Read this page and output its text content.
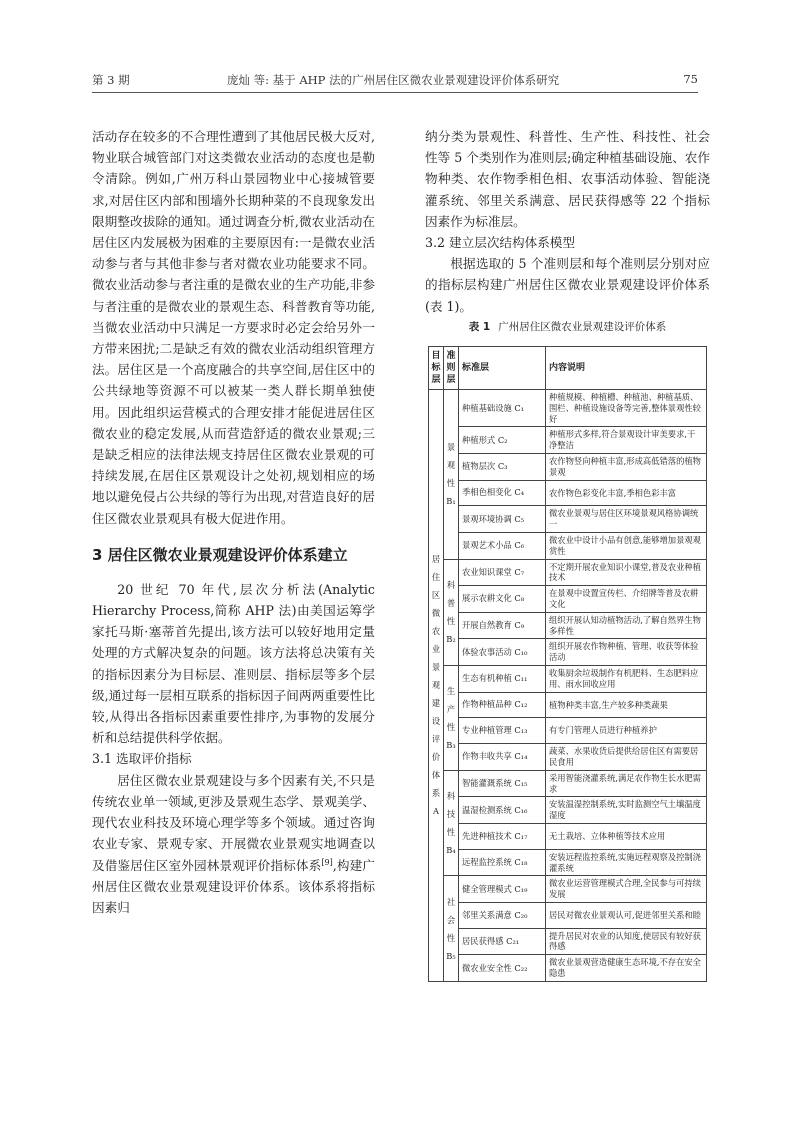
第 3 期	庞灿 等: 基于 AHP 法的广州居住区微农业景观建设评价体系研究	75

活动存在较多的不合理性遭到了其他居民极大反对,物业联合城管部门对这类微农业活动的态度也是勒令清除。例如,广州万科山景园物业中心接城管要求,对居住区内部和围墙外长期种菜的不良现象发出限期整改拔除的通知。通过调查分析,微农业活动在居住区内发展极为困难的主要原因有:一是微农业活动参与者与其他非参与者对微农业功能要求不同。微农业活动参与者注重的是微农业的生产功能,非参与者注重的是微农业的景观生态、科普教育等功能,当微农业活动中只满足一方要求时必定会给另外一方带来困扰;二是缺乏有效的微农业活动组织管理方法。居住区是一个高度融合的共享空间,居住区中的公共绿地等资源不可以被某一类人群长期单独使用。因此组织运营模式的合理安排才能促进居住区微农业的稳定发展,从而营造舒适的微农业景观;三是缺乏相应的法律法规支持居住区微农业景观的可持续发展,在居住区景观设计之处初,规划相应的场地以避免侵占公共绿的等行为出现,对营造良好的居住区微农业景观具有极大促进作用。

3 居住区微农业景观建设评价体系建立

20 世纪 70 年代,层次分析法(Analytic Hierarchy Process,简称 AHP 法)由美国运筹学家托马斯·塞蒂首先提出,该方法可以较好地用定量处理的方式解决复杂的问题。该方法将总决策有关的指标因素分为目标层、准则层、指标层等多个层级,通过每一层相互联系的指标因子间两两重要性比较,从得出各指标因素重要性排序,为事物的发展分析和总结提供科学依据。

3.1 选取评价指标

居住区微农业景观建设与多个因素有关,不只是传统农业单一领域,更涉及景观生态学、景观美学、现代农业科技及环境心理学等多个领域。通过咨询农业专家、景观专家、开展微农业景观实地调查以及借鉴居住区室外园林景观评价指标体系[9],构建广州居住区微农业景观建设评价体系。该体系将指标因素归

纳分类为景观性、科普性、生产性、科技性、社会性等 5 个类别作为准则层;确定种植基础设施、农作物种类、农作物季相色相、农事活动体验、智能浇灌系统、邻里关系满意、居民获得感等 22 个指标因素作为标准层。

3.2 建立层次结构体系模型

根据选取的 5 个准则层和每个准则层分别对应的指标层构建广州居住区微农业景观建设评价体系(表 1)。

表 1 广州居住区微农业景观建设评价体系

目标层	准则层	标准层	内容说明
居住区微农业景观建设评价体系A	景观性B₁	种植基础设施 C₁	种植规模、种植槽、种植池、种植基质、围栏、种植设施设备等完善,整体景观性较好
		种植形式 C₂	种植形式多样,符合景观设计审美要求,干净整洁
		植物层次 C₃	农作物竖向种植丰富,形成高低错落的植物景观
		季相色相变化 C₄	农作物色彩变化丰富,季相色彩丰富
		景观环境协调 C₅	微农业景观与居住区环境景观风格协调统一
		景观艺术小品 C₆	微农业中设计小品有创意,能够增加景观观赏性
	科普性B₂	农业知识课堂 C₇	不定期开展农业知识小课堂,普及农业种植技术
		展示农耕文化 C₈	在景观中设置宣传栏、介绍牌等普及农耕文化
		开展自然教育 C₉	组织开展认知动植物活动,了解自然界生物多样性
		体验农事活动 C₁₀	组织开展农作物种植、管理、收获等体验活动
	生产性B₃	生态有机种植 C₁₁	收集厨余垃圾制作有机肥料、生态肥料应用、雨水回收应用
		作物种植品种 C₁₂	植物种类丰富,生产较多种类蔬果
		专业种植管理 C₁₃	有专门管理人员进行种植养护
		作物丰收共享 C₁₄	蔬菜、水果收货后提供给居住区有需要居民食用
	科技性B₄	智能灌溉系统 C₁₅	采用智能浇灌系统,满足农作物生长水肥需求
		温湿检测系统 C₁₆	安装温湿控制系统,实时监测空气土壤温度湿度
		先进种植技术 C₁₇	无土栽培、立体种植等技术应用
		远程监控系统 C₁₈	安装远程监控系统,实施远程观察及控制浇灌系统
	社会性B₅	健全管理模式 C₁₉	微农业运营管理模式合理,全民参与可持续发展
		邻里关系满意 C₂₀	居民对微农业景观认可,促进邻里关系和睦
		居民获得感 C₂₁	提升居民对农业的认知度,使居民有较好获得感
		微农业安全性 C₂₂	微农业景观营造健康生态环境,不存在安全隐患
